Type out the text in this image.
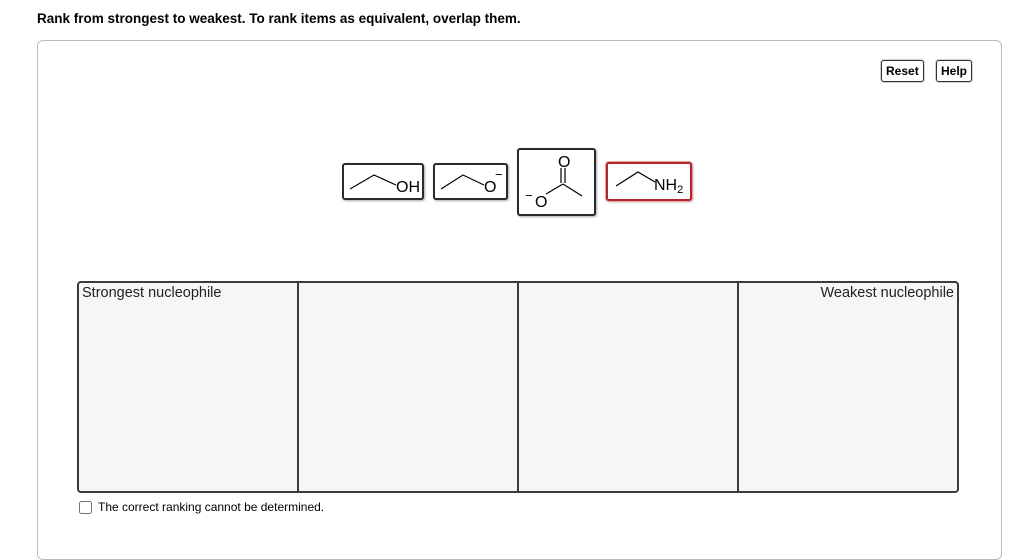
Rank from strongest to weakest. To rank items as equivalent, overlap them.
Reset	Help
OH	O
−
O
O
−
NH2
Strongest nucleophile	Weakest nucleophile
The correct ranking cannot be determined.
